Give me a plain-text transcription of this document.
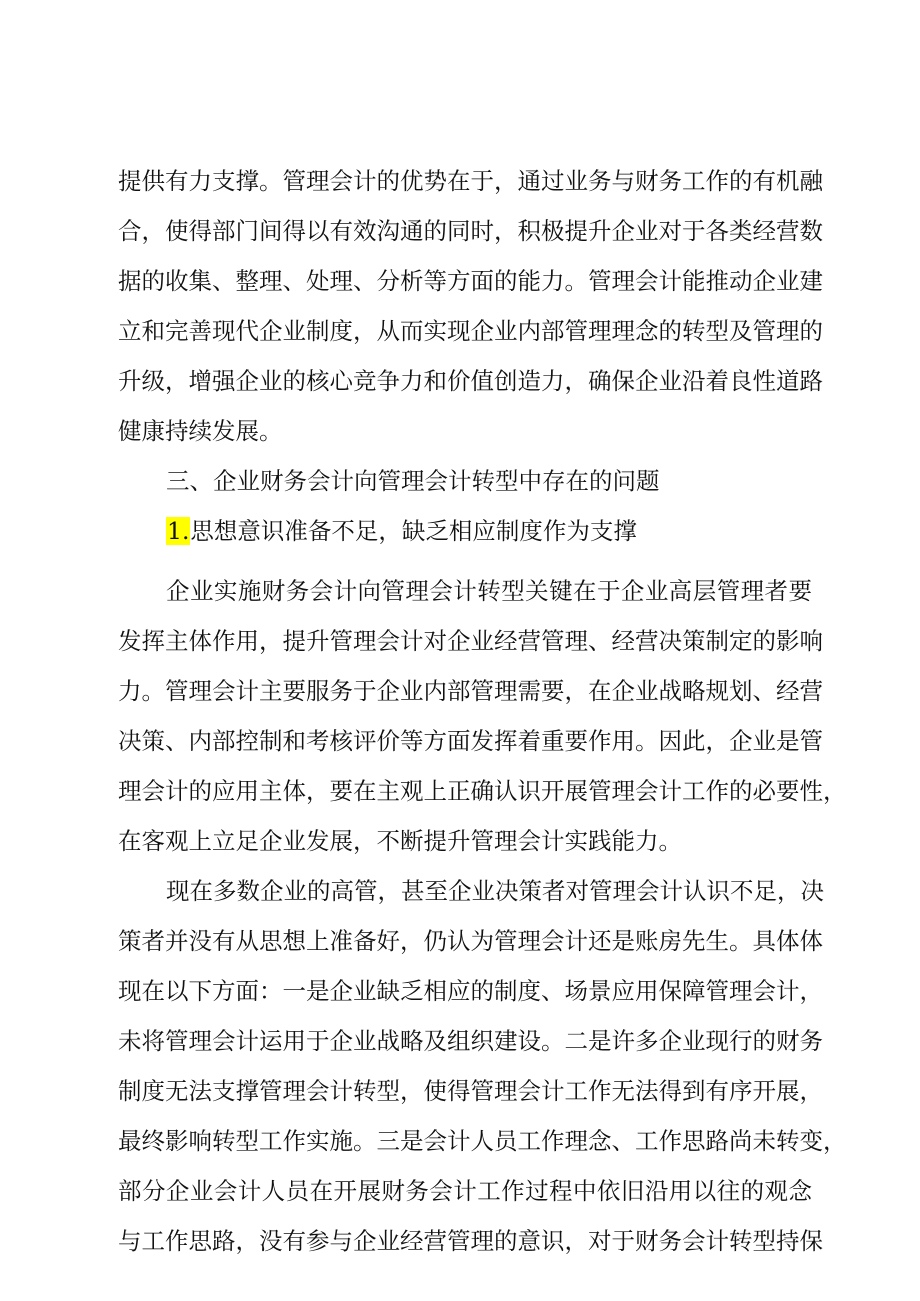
提供有力支撑。管理会计的优势在于，通过业务与财务工作的有机融
合，使得部门间得以有效沟通的同时，积极提升企业对于各类经营数
据的收集、整理、处理、分析等方面的能力。管理会计能推动企业建
立和完善现代企业制度，从而实现企业内部管理理念的转型及管理的
升级，增强企业的核心竞争力和价值创造力，确保企业沿着良性道路
健康持续发展。
三、企业财务会计向管理会计转型中存在的问题
1.思想意识准备不足，缺乏相应制度作为支撑
企业实施财务会计向管理会计转型关键在于企业高层管理者要
发挥主体作用，提升管理会计对企业经营管理、经营决策制定的影响
力。管理会计主要服务于企业内部管理需要，在企业战略规划、经营
决策、内部控制和考核评价等方面发挥着重要作用。因此，企业是管
理会计的应用主体，要在主观上正确认识开展管理会计工作的必要性，
在客观上立足企业发展，不断提升管理会计实践能力。
现在多数企业的高管，甚至企业决策者对管理会计认识不足，决
策者并没有从思想上准备好，仍认为管理会计还是账房先生。具体体
现在以下方面：一是企业缺乏相应的制度、场景应用保障管理会计，
未将管理会计运用于企业战略及组织建设。二是许多企业现行的财务
制度无法支撑管理会计转型，使得管理会计工作无法得到有序开展，
最终影响转型工作实施。三是会计人员工作理念、工作思路尚未转变，
部分企业会计人员在开展财务会计工作过程中依旧沿用以往的观念
与工作思路，没有参与企业经营管理的意识，对于财务会计转型持保
